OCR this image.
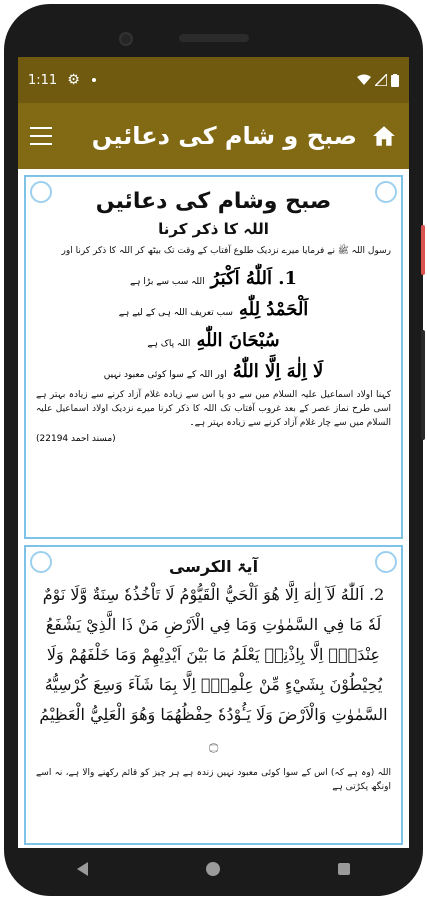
1:11 ⚙
صبح و شام کی دعائیں
صبح وشام کی دعائیں
اللہ کا ذکر کرنا
رسول اللہ ﷺ نے فرمایا میرے نزدیک طلوع آفتاب کے وقت تک بیٹھ کر اللہ کا ذکر کرنا اور
1. اَللّٰهُ اَكْبَرُ
اللہ سب سے بڑا ہے
اَلْحَمْدُ لِلّٰهِ
سب تعریف اللہ ہی کے لیے ہے
سُبْحَانَ اللّٰهِ
اللہ پاک ہے
لَا اِلٰهَ اِلَّا اللّٰهُ
اور اللہ کے سوا کوئی معبود نہیں
کہنا اولاد اسماعیل علیہ السلام میں سے دو یا اس سے زیادہ غلام آزاد کرنے سے زیادہ بہتر ہے اسی طرح نماز عصر کے بعد غروب آفتاب تک اللہ کا ذکر کرنا میرے نزدیک اولاد اسماعیل علیہ السلام میں سے چار غلام آزاد کرنے سے زیادہ بہتر ہے۔
(مسند احمد 22194)
آیۃ الکرسی
2. اَللّٰهُ لَآ اِلٰهَ اِلَّا هُوَ اَلْحَيُّ الْقَيُّوْمُ لَا تَاْخُذُهٗ سِنَةٌ وَّلَا نَوْمٌ لَهٗ مَا فِي السَّمٰوٰتِ وَمَا فِي الْاَرْضِ مَنْ ذَا الَّذِيْ يَشْفَعُ عِنْدَهٗۤ اِلَّا بِاِذْنِهٖ يَعْلَمُ مَا بَيْنَ اَيْدِيْهِمْ وَمَا خَلْفَهُمْ وَلَا يُحِيْطُوْنَ بِشَيْءٍ مِّنْ عِلْمِهٖۤ اِلَّا بِمَا شَآءَ وَسِعَ كُرْسِيُّهُ السَّمٰوٰتِ وَالْاَرْضَ وَلَا يَـُٔوْدُهٗ حِفْظُهُمَا وَهُوَ الْعَلِيُّ الْعَظِيْمُ ۝
اللہ (وہ ہے کہ) اس کے سوا کوئی معبود نہیں زندہ ہے ہر چیز کو قائم رکھنے والا ہے، نہ اسے اونگھ پکڑتی ہے
